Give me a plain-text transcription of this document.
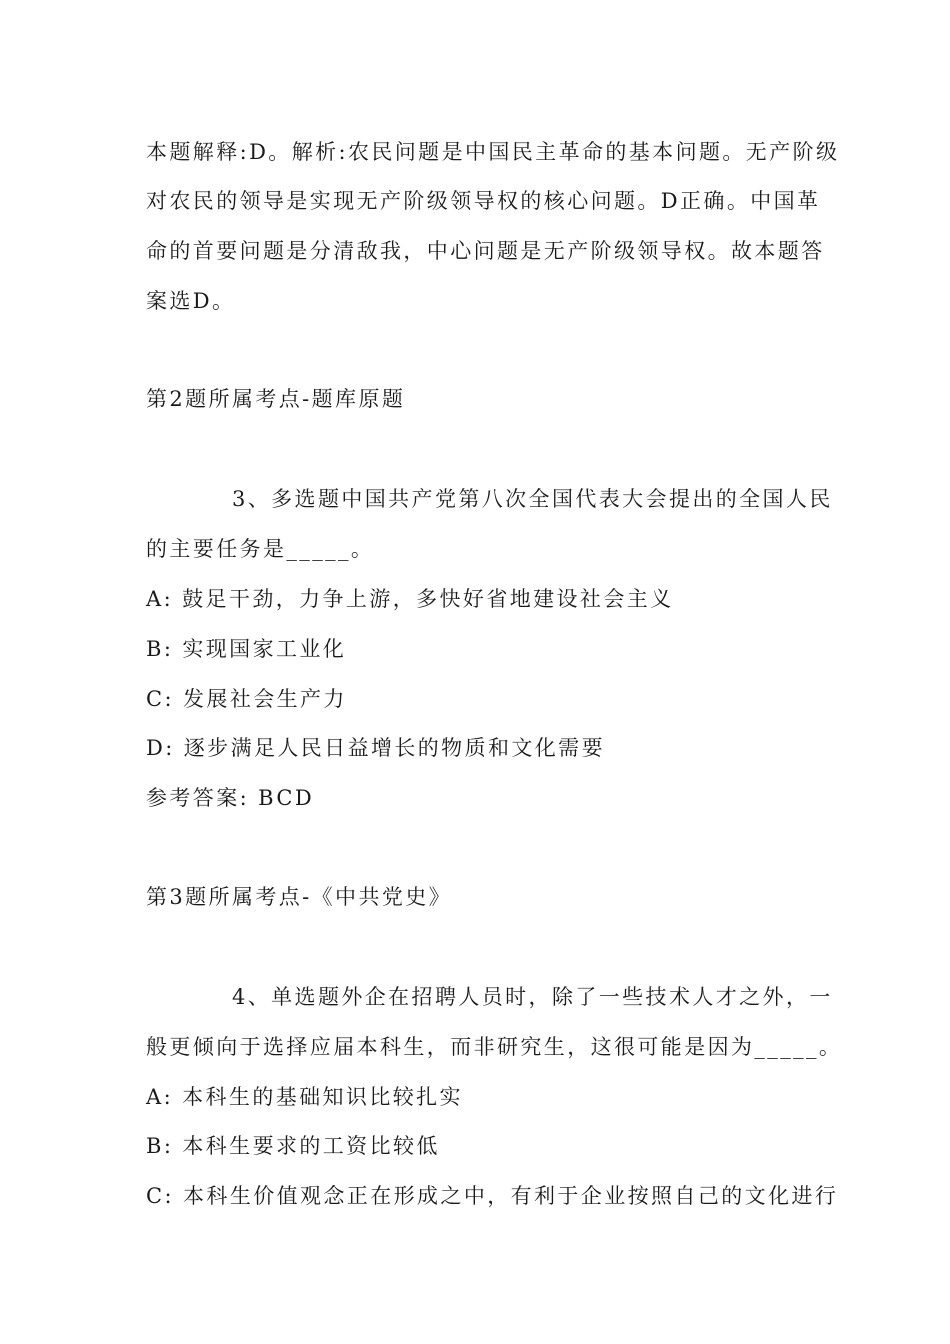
本题解释:D。解析:农民问题是中国民主革命的基本问题。无产阶级
对农民的领导是实现无产阶级领导权的核心问题。D正确。中国革
命的首要问题是分清敌我，中心问题是无产阶级领导权。故本题答
案选D。
第2题所属考点-题库原题
3、多选题中国共产党第八次全国代表大会提出的全国人民
的主要任务是_____。
A: 鼓足干劲，力争上游，多快好省地建设社会主义
B: 实现国家工业化
C: 发展社会生产力
D: 逐步满足人民日益增长的物质和文化需要
参考答案: BCD
第3题所属考点-《中共党史》
4、单选题外企在招聘人员时，除了一些技术人才之外，一
般更倾向于选择应届本科生，而非研究生，这很可能是因为_____。
A: 本科生的基础知识比较扎实
B: 本科生要求的工资比较低
C: 本科生价值观念正在形成之中，有利于企业按照自己的文化进行
